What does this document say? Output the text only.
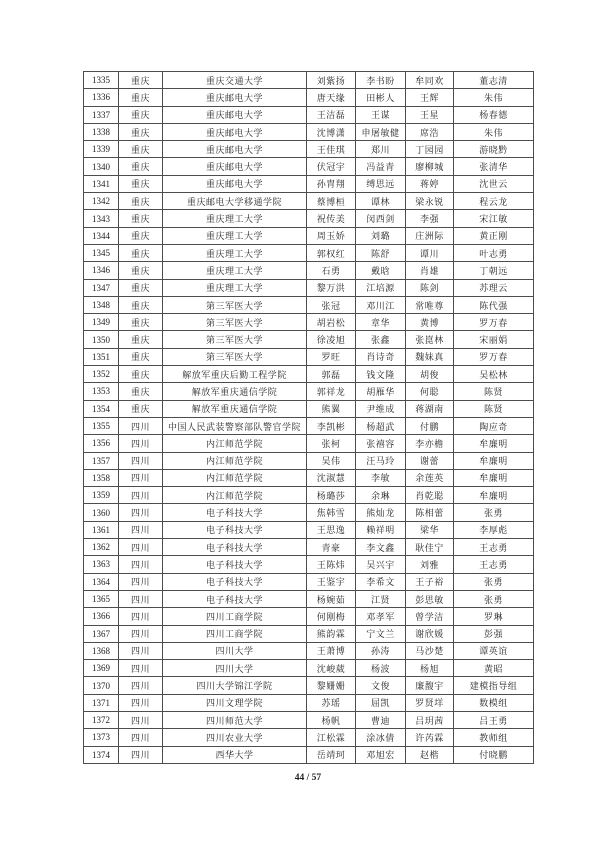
1335	重庆	重庆交通大学	刘紫扬	李书盼	牟同欢	董志清
1336	重庆	重庆邮电大学	唐天缘	田彬人	王辉	朱伟
1337	重庆	重庆邮电大学	王洁磊	王谋	王星	杨春德
1338	重庆	重庆邮电大学	沈博潇	申屠敏健	席浩	朱伟
1339	重庆	重庆邮电大学	王佳琪	郑川	丁园园	游晓黔
1340	重庆	重庆邮电大学	伏冠宇	冯益青	廖柳城	张清华
1341	重庆	重庆邮电大学	孙胄翔	缚思远	蒋婷	沈世云
1342	重庆	重庆邮电大学移通学院	蔡博桓	谭林	梁永锐	程云龙
1343	重庆	重庆理工大学	祝传美	闵西剑	李强	宋江敏
1344	重庆	重庆理工大学	周玉娇	刘璐	庄洲际	黄正刚
1345	重庆	重庆理工大学	郭权红	陈舒	谭川	叶志勇
1346	重庆	重庆理工大学	石勇	戴晗	肖雄	丁朝远
1347	重庆	重庆理工大学	黎万洪	江培源	陈剑	苏理云
1348	重庆	第三军医大学	张冠	邓川江	常唯尊	陈代强
1349	重庆	第三军医大学	胡岩松	章华	黄博	罗万春
1350	重庆	第三军医大学	徐凌旭	张鑫	张崑林	宋丽娟
1351	重庆	第三军医大学	罗旺	肖诗奇	魏妹真	罗万春
1352	重庆	解放军重庆后勤工程学院	郭磊	钱文隆	胡俊	吴松林
1353	重庆	解放军重庆通信学院	郭祥龙	胡雁华	何聪	陈贤
1354	重庆	解放军重庆通信学院	熊翼	尹维成	蒋湖南	陈贤
1355	四川	中国人民武装警察部队警官学院	李凯彬	杨超武	付鹏	陶应奇
1356	四川	内江师范学院	张柯	张禧容	李亦檐	牟廉明
1357	四川	内江师范学院	吴伟	汪马玲	谢蕾	牟廉明
1358	四川	内江师范学院	沈淑慧	李敏	余莲英	牟廉明
1359	四川	内江师范学院	杨璐莎	余琳	肖乾聪	牟廉明
1360	四川	电子科技大学	焦韩雪	熊灿龙	陈相蕾	张勇
1361	四川	电子科技大学	王思逸	赖祥明	梁华	李厚彪
1362	四川	电子科技大学	青豪	李文鑫	耿佳宁	王志勇
1363	四川	电子科技大学	王陈炜	吴兴宇	刘雅	王志勇
1364	四川	电子科技大学	王鉴宇	李希文	王子裕	张勇
1365	四川	电子科技大学	杨婉茹	江贤	彭思敏	张勇
1366	四川	四川工商学院	何刚梅	邓孝军	曾学洁	罗琳
1367	四川	四川工商学院	熊韵霖	宁文兰	谢欣媛	彭强
1368	四川	四川大学	王萧博	孙涛	马沙楚	谭英谊
1369	四川	四川大学	沈峻葳	杨波	杨旭	黄昭
1370	四川	四川大学锦江学院	黎姗姗	文俊	廉馥宇	建模指导组
1371	四川	四川文理学院	苏瑶	屈凯	罗贤垟	数模组
1372	四川	四川师范大学	杨帆	曹迪	吕玥茜	吕王勇
1373	四川	四川农业大学	江松霖	涂冰倩	许芮霖	教师组
1374	四川	西华大学	岳靖珂	邓旭宏	赵楷	付晓鹏
44 / 57
